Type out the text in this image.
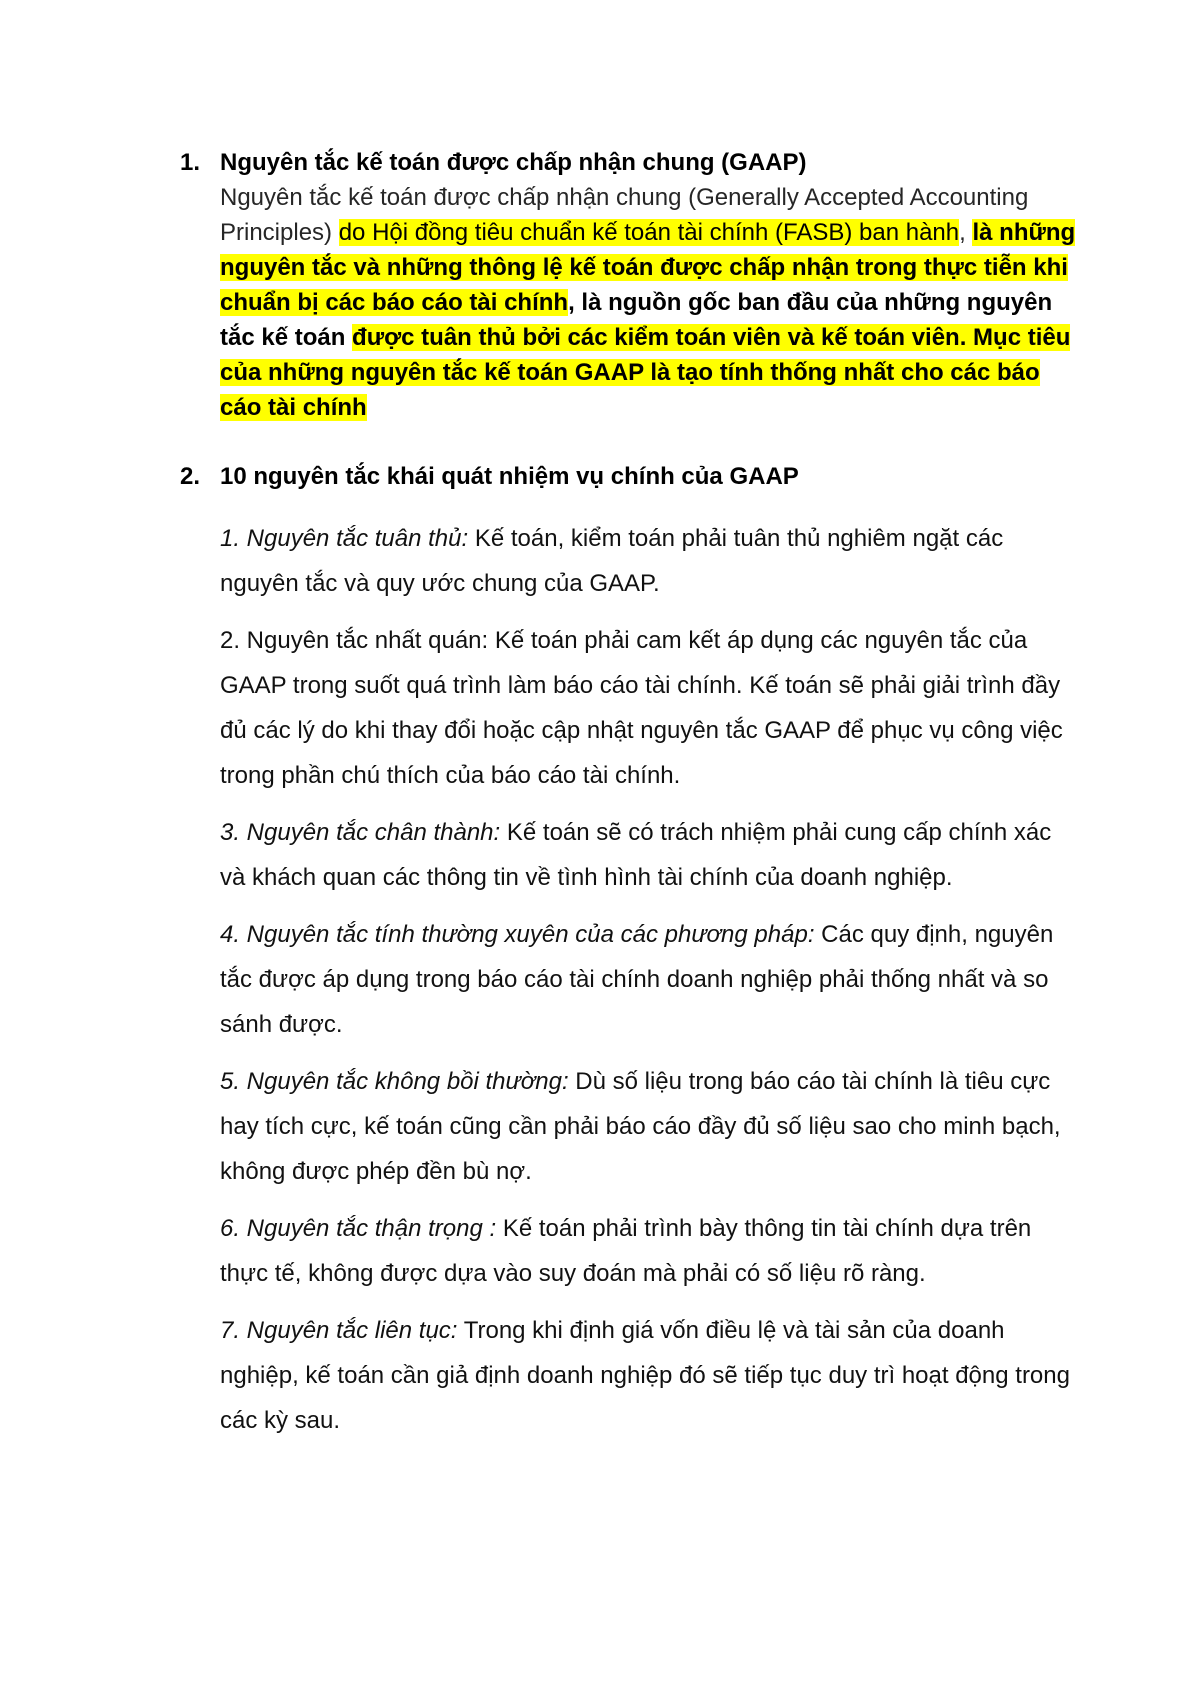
1. Nguyên tắc kế toán được chấp nhận chung (GAAP)
Nguyên tắc kế toán được chấp nhận chung (Generally Accepted Accounting Principles) do Hội đồng tiêu chuẩn kế toán tài chính (FASB) ban hành, là những nguyên tắc và những thông lệ kế toán được chấp nhận trong thực tiễn khi chuẩn bị các báo cáo tài chính, là nguồn gốc ban đầu của những nguyên tắc kế toán được tuân thủ bởi các kiểm toán viên và kế toán viên. Mục tiêu của những nguyên tắc kế toán GAAP là tạo tính thống nhất cho các báo cáo tài chính
2. 10 nguyên tắc khái quát nhiệm vụ chính của GAAP
1. Nguyên tắc tuân thủ: Kế toán, kiểm toán phải tuân thủ nghiêm ngặt các nguyên tắc và quy ước chung của GAAP.
2. Nguyên tắc nhất quán: Kế toán phải cam kết áp dụng các nguyên tắc của GAAP trong suốt quá trình làm báo cáo tài chính. Kế toán sẽ phải giải trình đầy đủ các lý do khi thay đổi hoặc cập nhật nguyên tắc GAAP để phục vụ công việc trong phần chú thích của báo cáo tài chính.
3. Nguyên tắc chân thành: Kế toán sẽ có trách nhiệm phải cung cấp chính xác và khách quan các thông tin về tình hình tài chính của doanh nghiệp.
4. Nguyên tắc tính thường xuyên của các phương pháp: Các quy định, nguyên tắc được áp dụng trong báo cáo tài chính doanh nghiệp phải thống nhất và so sánh được.
5. Nguyên tắc không bồi thường: Dù số liệu trong báo cáo tài chính là tiêu cực hay tích cực, kế toán cũng cần phải báo cáo đầy đủ số liệu sao cho minh bạch, không được phép đền bù nợ.
6. Nguyên tắc thận trọng : Kế toán phải trình bày thông tin tài chính dựa trên thực tế, không được dựa vào suy đoán mà phải có số liệu rõ ràng.
7. Nguyên tắc liên tục: Trong khi định giá vốn điều lệ và tài sản của doanh nghiệp, kế toán cần giả định doanh nghiệp đó sẽ tiếp tục duy trì hoạt động trong các kỳ sau.
